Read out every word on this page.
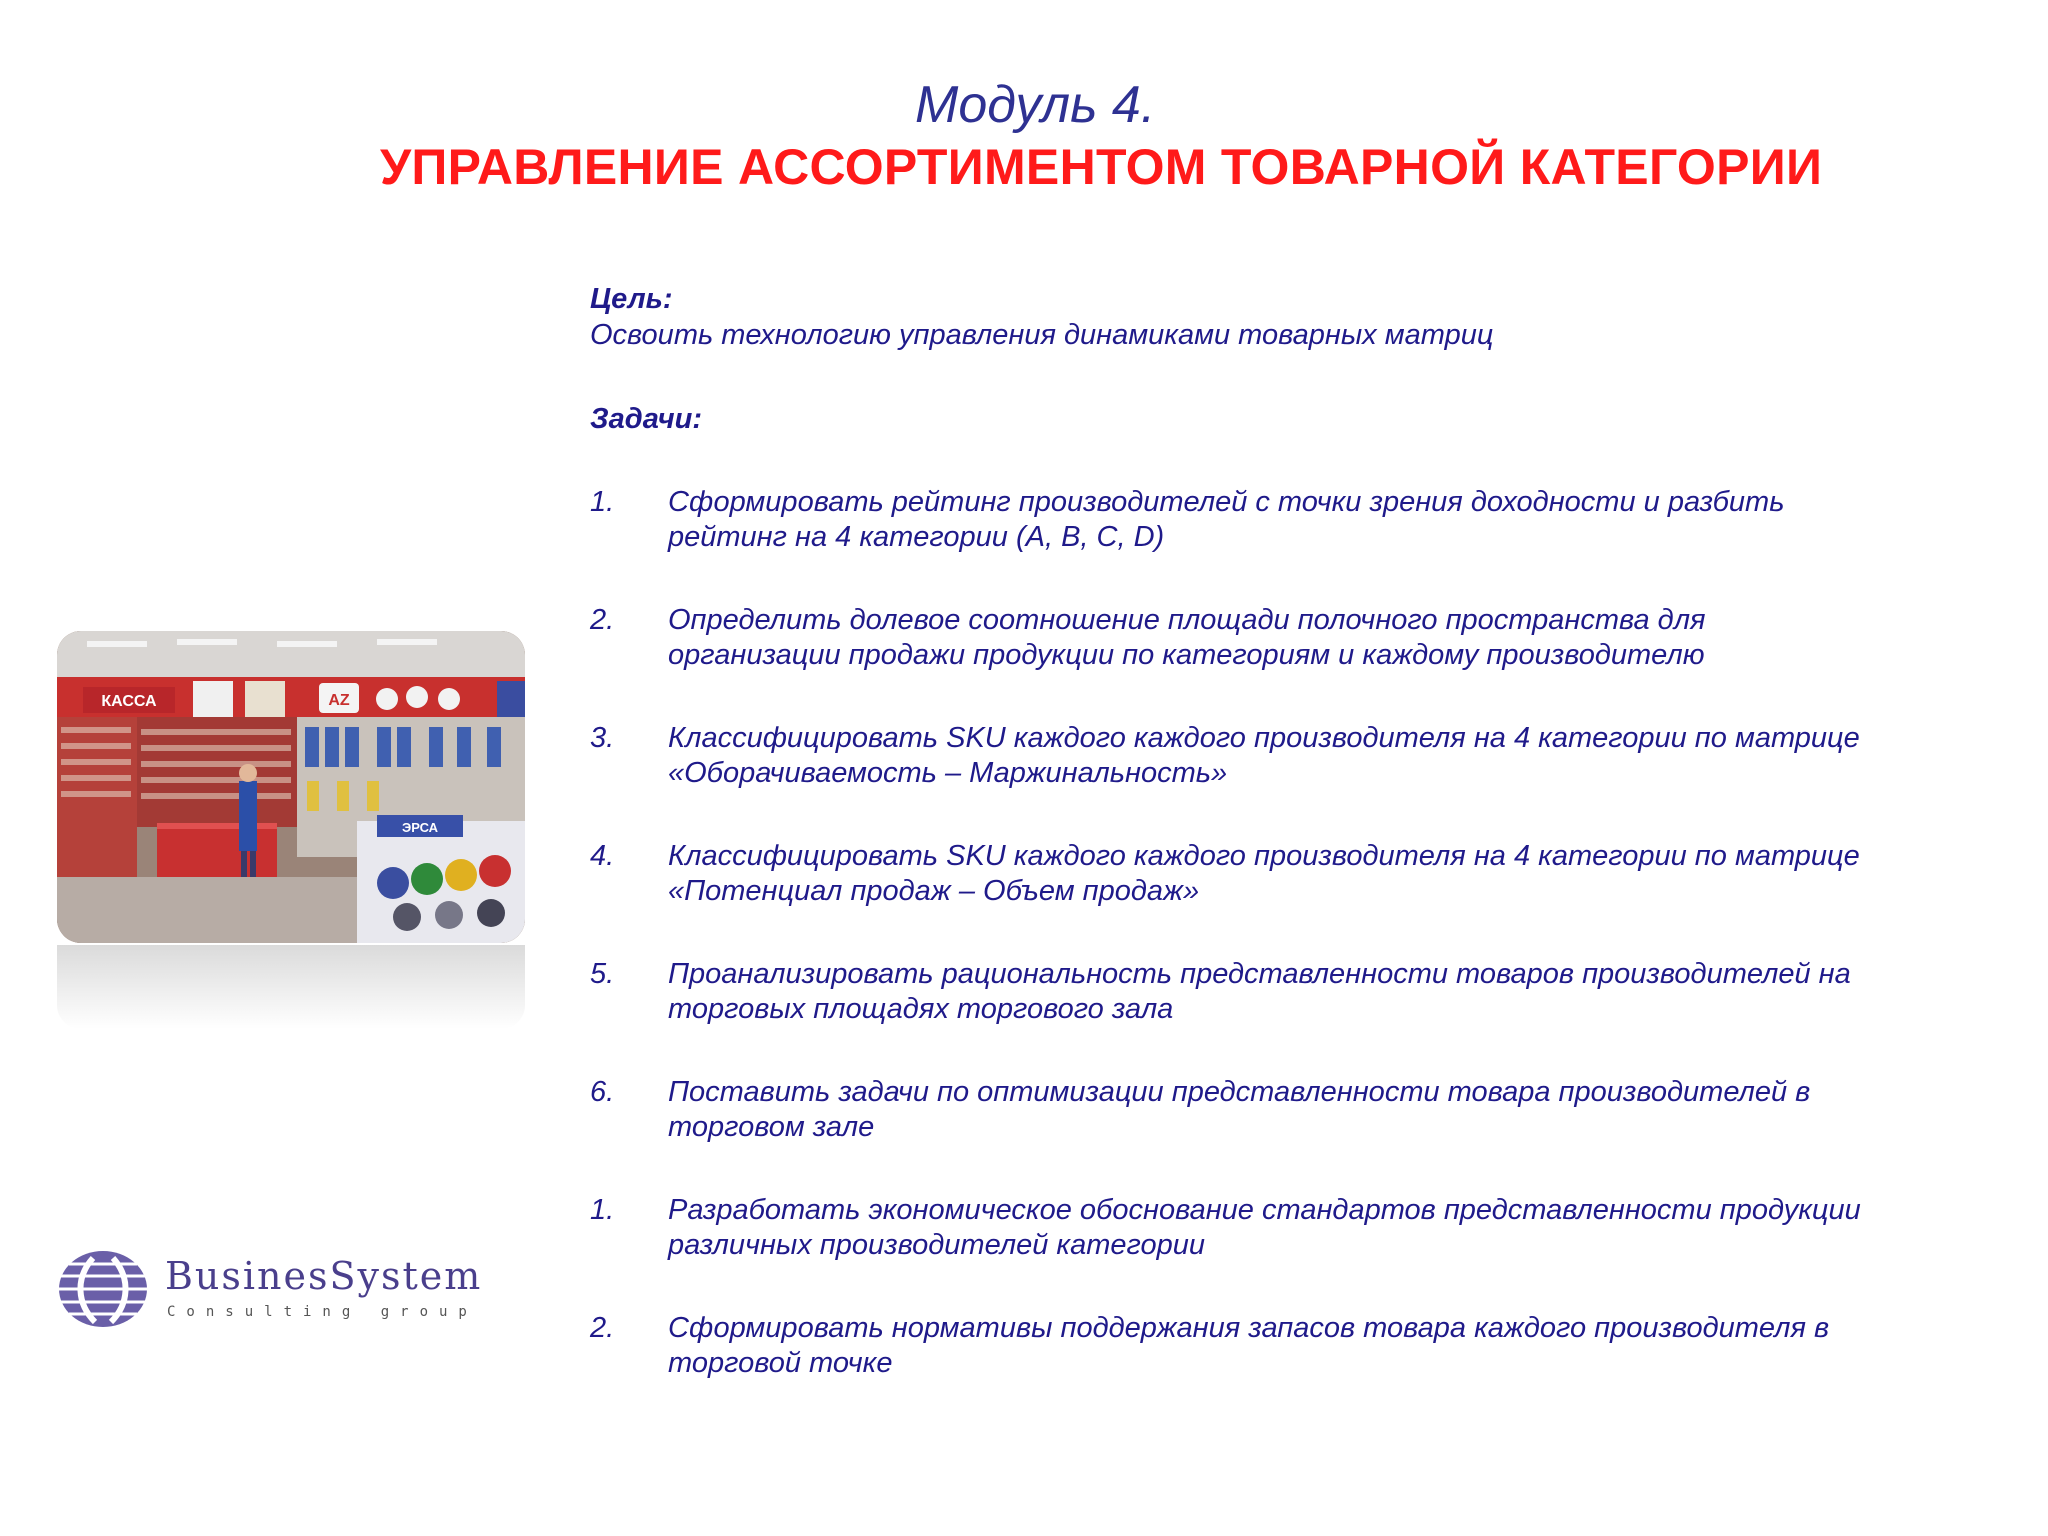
Модуль 4.
УПРАВЛЕНИЕ АССОРТИМЕНТОМ ТОВАРНОЙ КАТЕГОРИИ
Цель:
Освоить технологию управления динамиками товарных матриц
Задачи:
1.	Сформировать рейтинг производителей с точки зрения доходности и разбить
рейтинг на 4 категории (A, B, C, D)
2.	Определить долевое соотношение площади полочного пространства для
организации продажи продукции по категориям и каждому производителю
3.	Классифицировать SKU каждого каждого производителя на 4 категории по матрице
«Оборачиваемость – Маржинальность»
4.	Классифицировать SKU каждого каждого производителя на 4 категории по матрице
«Потенциал продаж – Объем продаж»
5.	Проанализировать рациональность представленности товаров производителей на
торговых площадях торгового зала
6.	Поставить задачи по оптимизации представленности товара производителей в
торговом зале
1.	Разработать экономическое обоснование стандартов представленности продукции
различных производителей категории
2.	Сформировать нормативы поддержания запасов товара каждого производителя в
торговой точке
КАССА	AZ
ЭРСА
BusinesSystem
Consulting group
